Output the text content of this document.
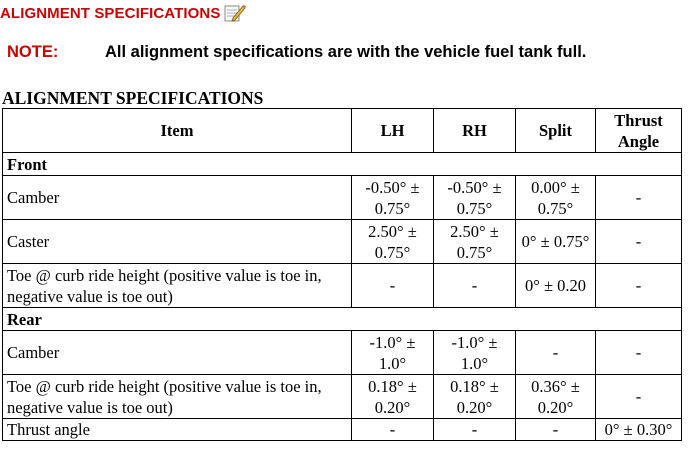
ALIGNMENT SPECIFICATIONS
NOTE:	All alignment specifications are with the vehicle fuel tank full.
ALIGNMENT SPECIFICATIONS
Item	LH	RH	Split	Thrust Angle
Front				
Camber	-0.50° ± 0.75°	-0.50° ± 0.75°	0.00° ± 0.75°	-
Caster	2.50° ± 0.75°	2.50° ± 0.75°	0° ± 0.75°	-
Toe @ curb ride height (positive value is toe in, negative value is toe out)	-	-	0° ± 0.20	-
Rear				
Camber	-1.0° ± 1.0°	-1.0° ± 1.0°	-	-
Toe @ curb ride height (positive value is toe in, negative value is toe out)	0.18° ± 0.20°	0.18° ± 0.20°	0.36° ± 0.20°	-
Thrust angle	-	-	-	0° ± 0.30°
